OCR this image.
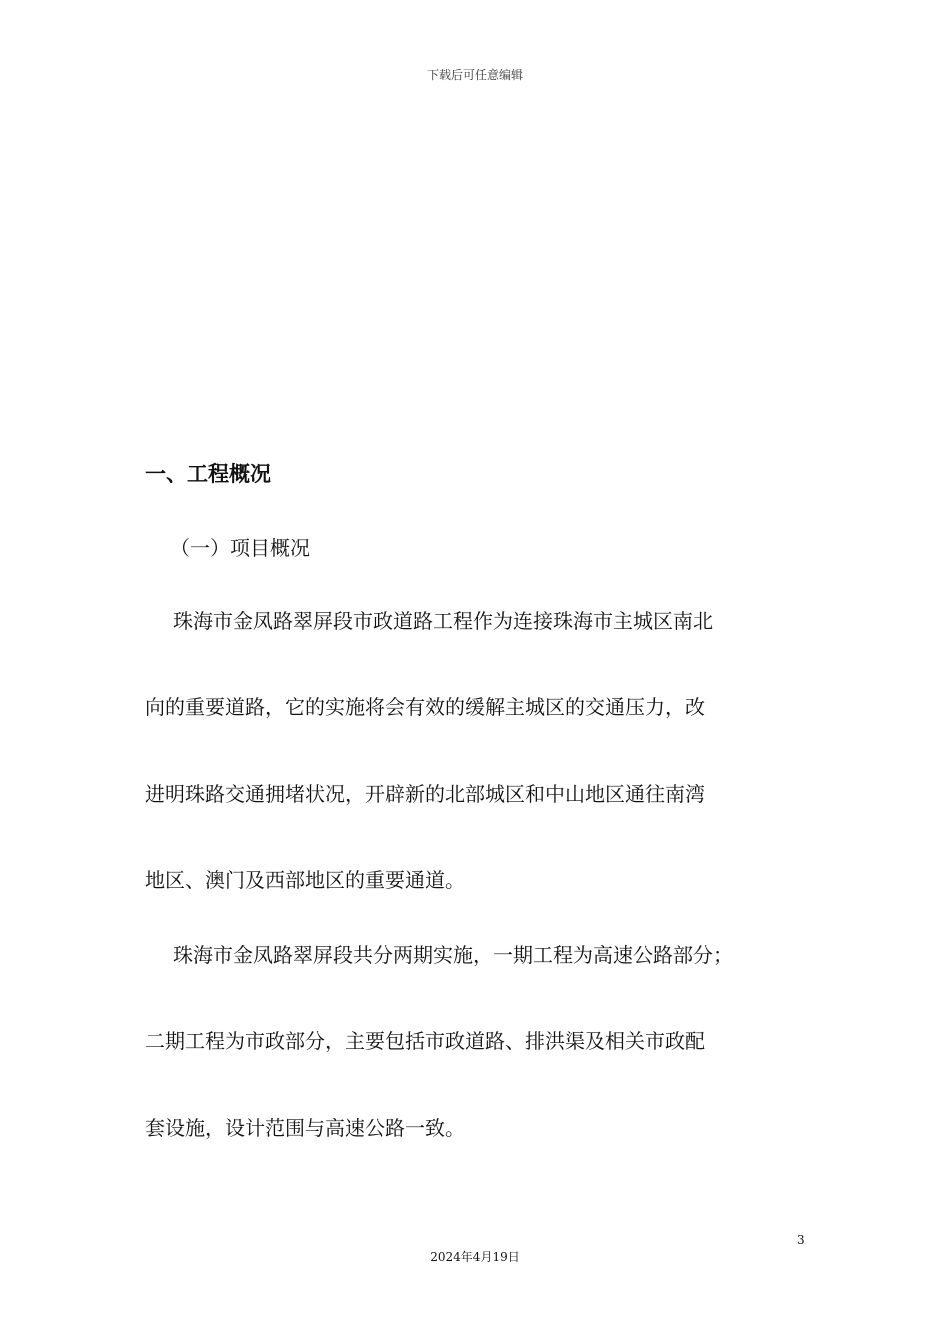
下载后可任意编辑
一、工程概况
（一）项目概况
珠海市金凤路翠屏段市政道路工程作为连接珠海市主城区南北
向的重要道路，它的实施将会有效的缓解主城区的交通压力，改
进明珠路交通拥堵状况，开辟新的北部城区和中山地区通往南湾
地区、澳门及西部地区的重要通道。
珠海市金凤路翠屏段共分两期实施，一期工程为高速公路部分；
二期工程为市政部分，主要包括市政道路、排洪渠及相关市政配
套设施，设计范围与高速公路一致。
3
2024年4月19日
